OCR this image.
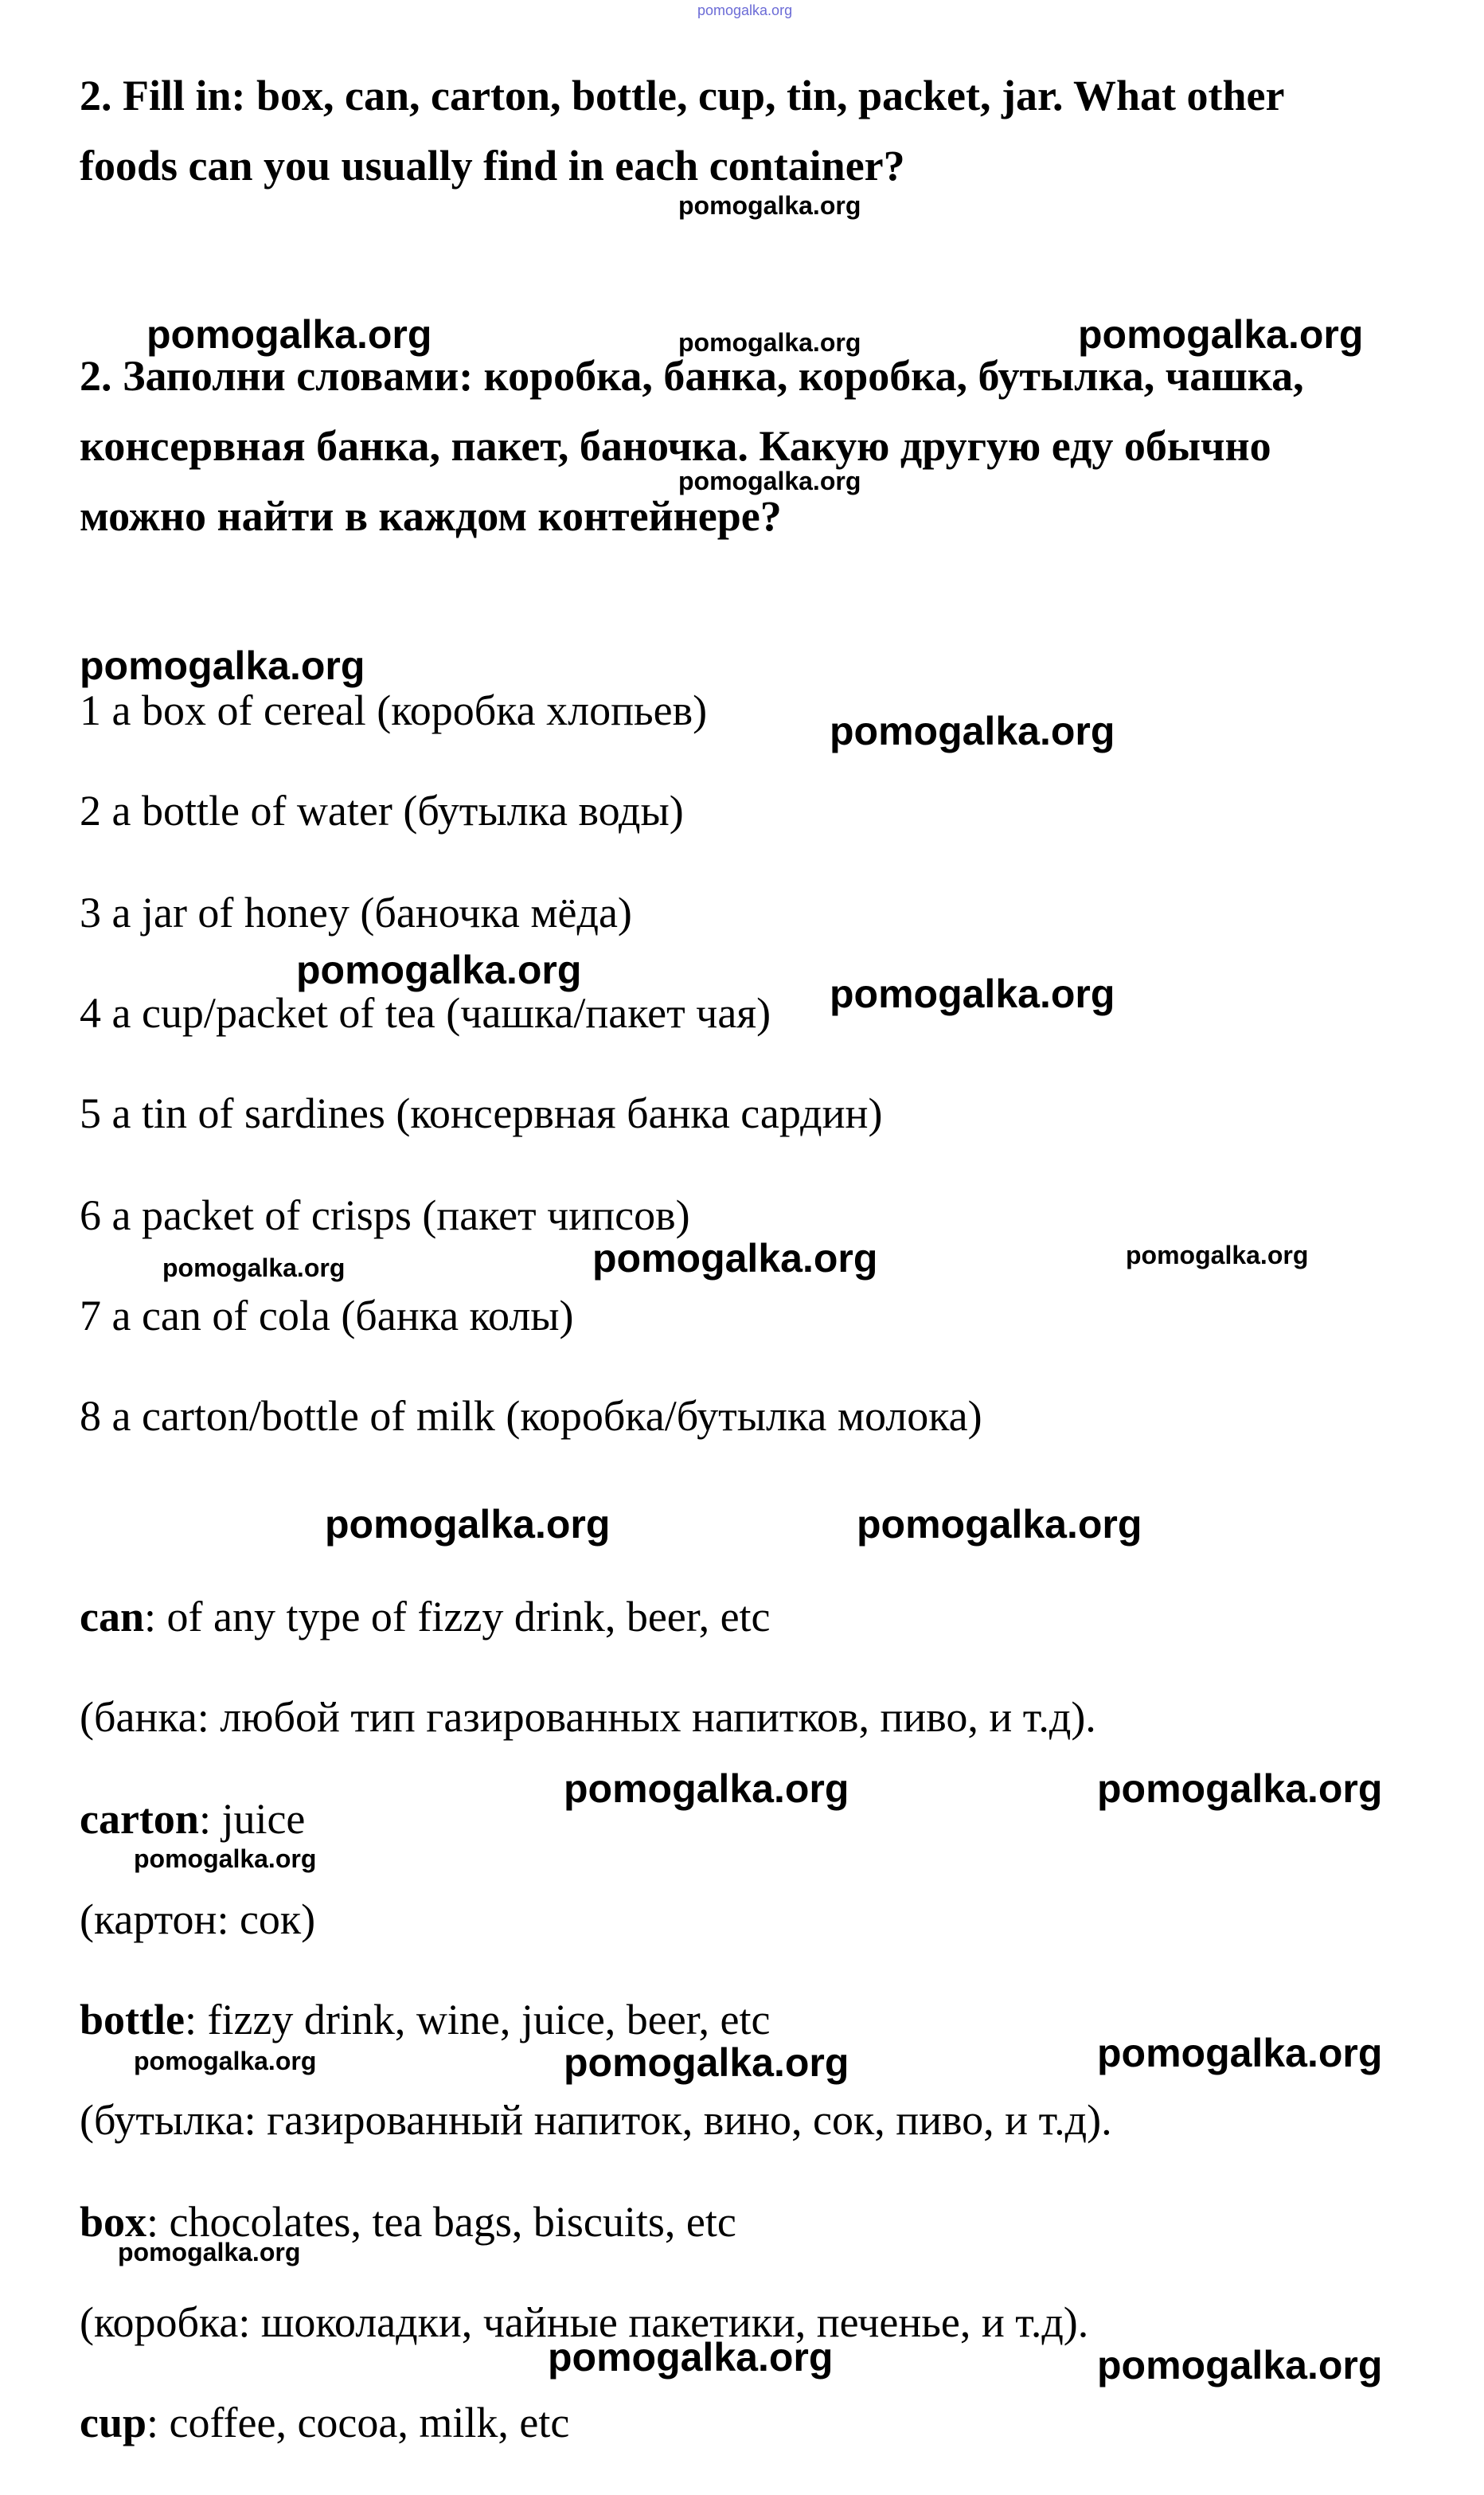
pomogalka.org
2. Fill in: box, can, carton, bottle, cup, tin, packet, jar. What other
foods can you usually find in each container?
pomogalka.org
2. Заполни словами: коробка, банка, коробка, бутылка, чашка,
консервная банка, пакет, баночка. Какую другую еду обычно
можно найти в каждом контейнере?
pomogalka.org	pomogalka.org	pomogalka.org
pomogalka.org
pomogalka.org
1 a box of cereal (коробка хлопьев)	pomogalka.org
2 a bottle of water (бутылка воды)
3 a jar of honey (баночка мёда)
pomogalka.org
4 a cup/packet of tea (чашка/пакет чая) pomogalka.org
5 a tin of sardines (консервная банка сардин)
6 a packet of crisps (пакет чипсов)
pomogalka.org	pomogalka.org	pomogalka.org
7 a can of cola (банка колы)
8 a carton/bottle of milk (коробка/бутылка молока)
pomogalka.org	pomogalka.org
can: of any type of fizzy drink, beer, etc
(банка: любой тип газированных напитков, пиво, и т.д).
pomogalka.org	pomogalka.org
carton: juice
pomogalka.org
(картон: сок)
bottle: fizzy drink, wine, juice, beer, etc
pomogalka.org	pomogalka.org	pomogalka.org
(бутылка: газированный напиток, вино, сок, пиво, и т.д).
box: chocolates, tea bags, biscuits, etc
pomogalka.org
(коробка: шоколадки, чайные пакетики, печенье, и т.д).
pomogalka.org	pomogalka.org
cup: coffee, cocoa, milk, etc
